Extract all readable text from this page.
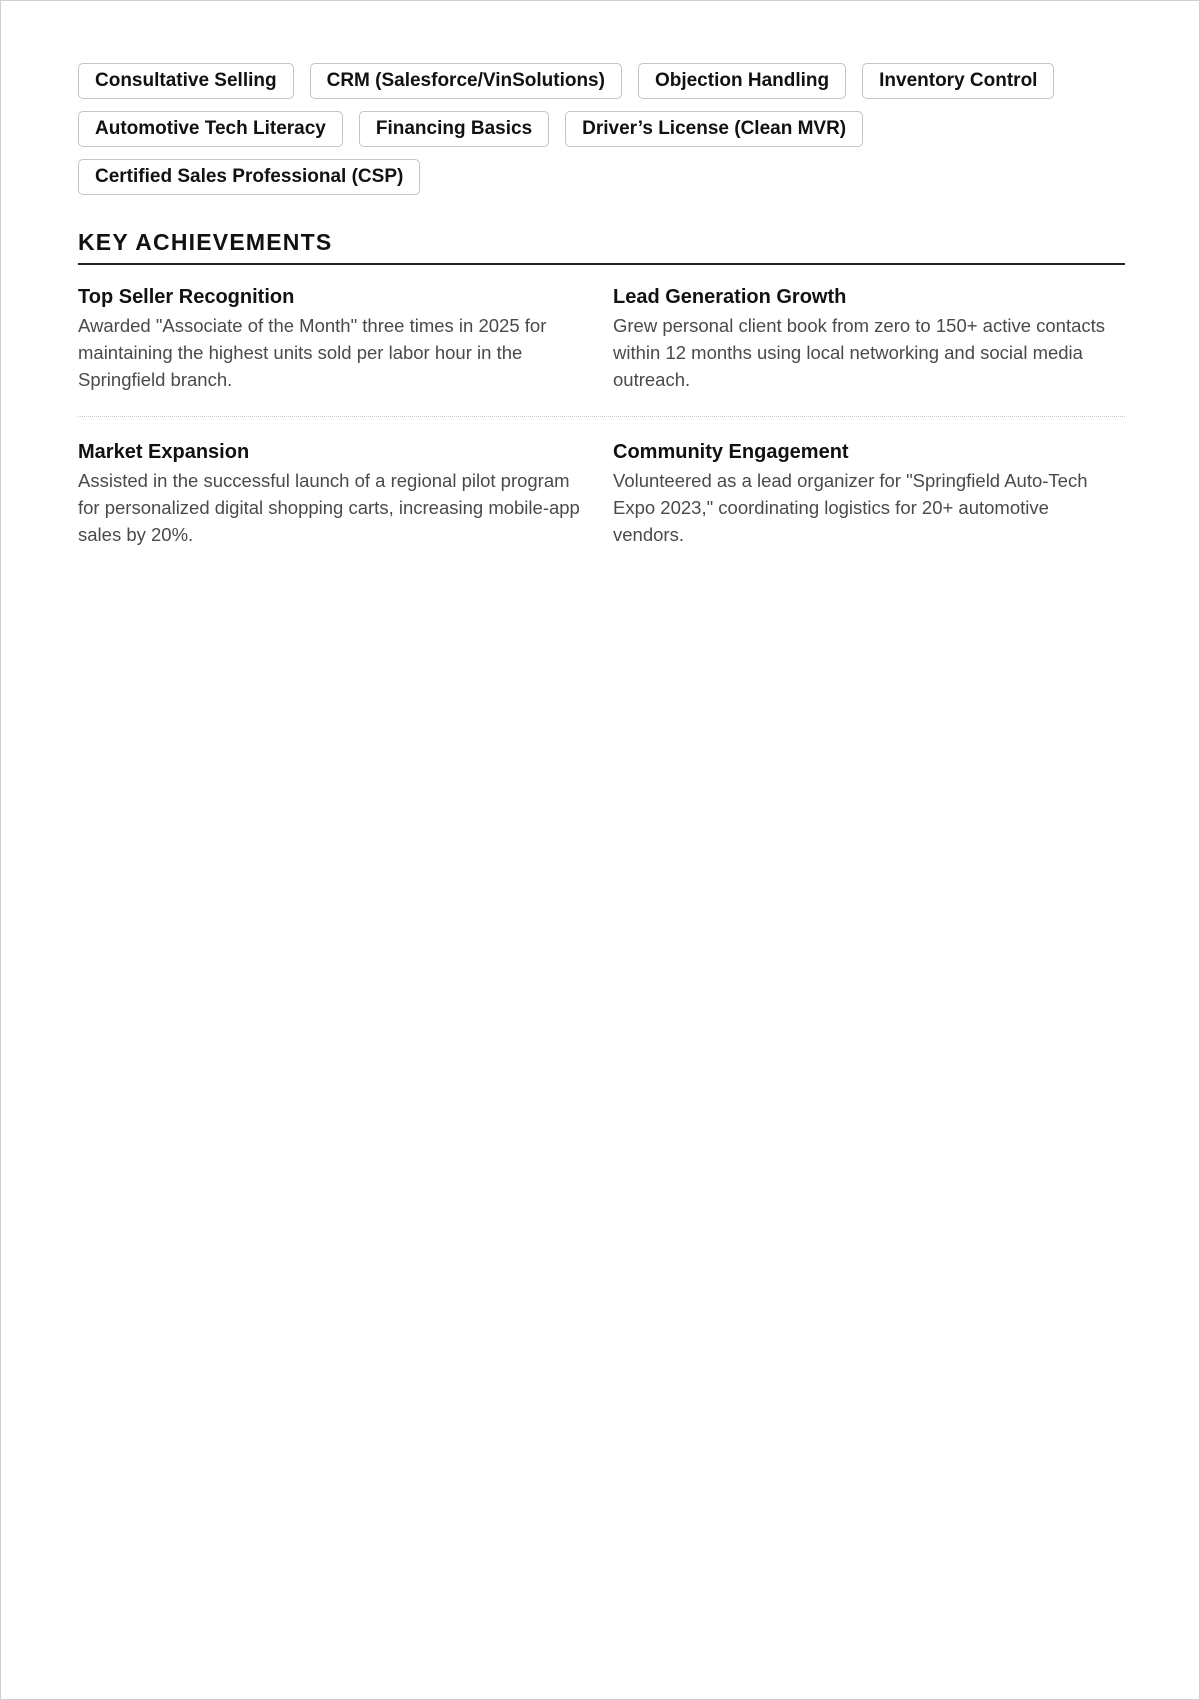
Consultative Selling	CRM (Salesforce/VinSolutions)	Objection Handling	Inventory Control
Automotive Tech Literacy	Financing Basics	Driver’s License (Clean MVR)
Certified Sales Professional (CSP)
KEY ACHIEVEMENTS
Top Seller Recognition
Awarded "Associate of the Month" three times in 2025 for maintaining the highest units sold per labor hour in the Springfield branch.
Lead Generation Growth
Grew personal client book from zero to 150+ active contacts within 12 months using local networking and social media outreach.
Market Expansion
Assisted in the successful launch of a regional pilot program for personalized digital shopping carts, increasing mobile-app sales by 20%.
Community Engagement
Volunteered as a lead organizer for "Springfield Auto-Tech Expo 2023," coordinating logistics for 20+ automotive vendors.
